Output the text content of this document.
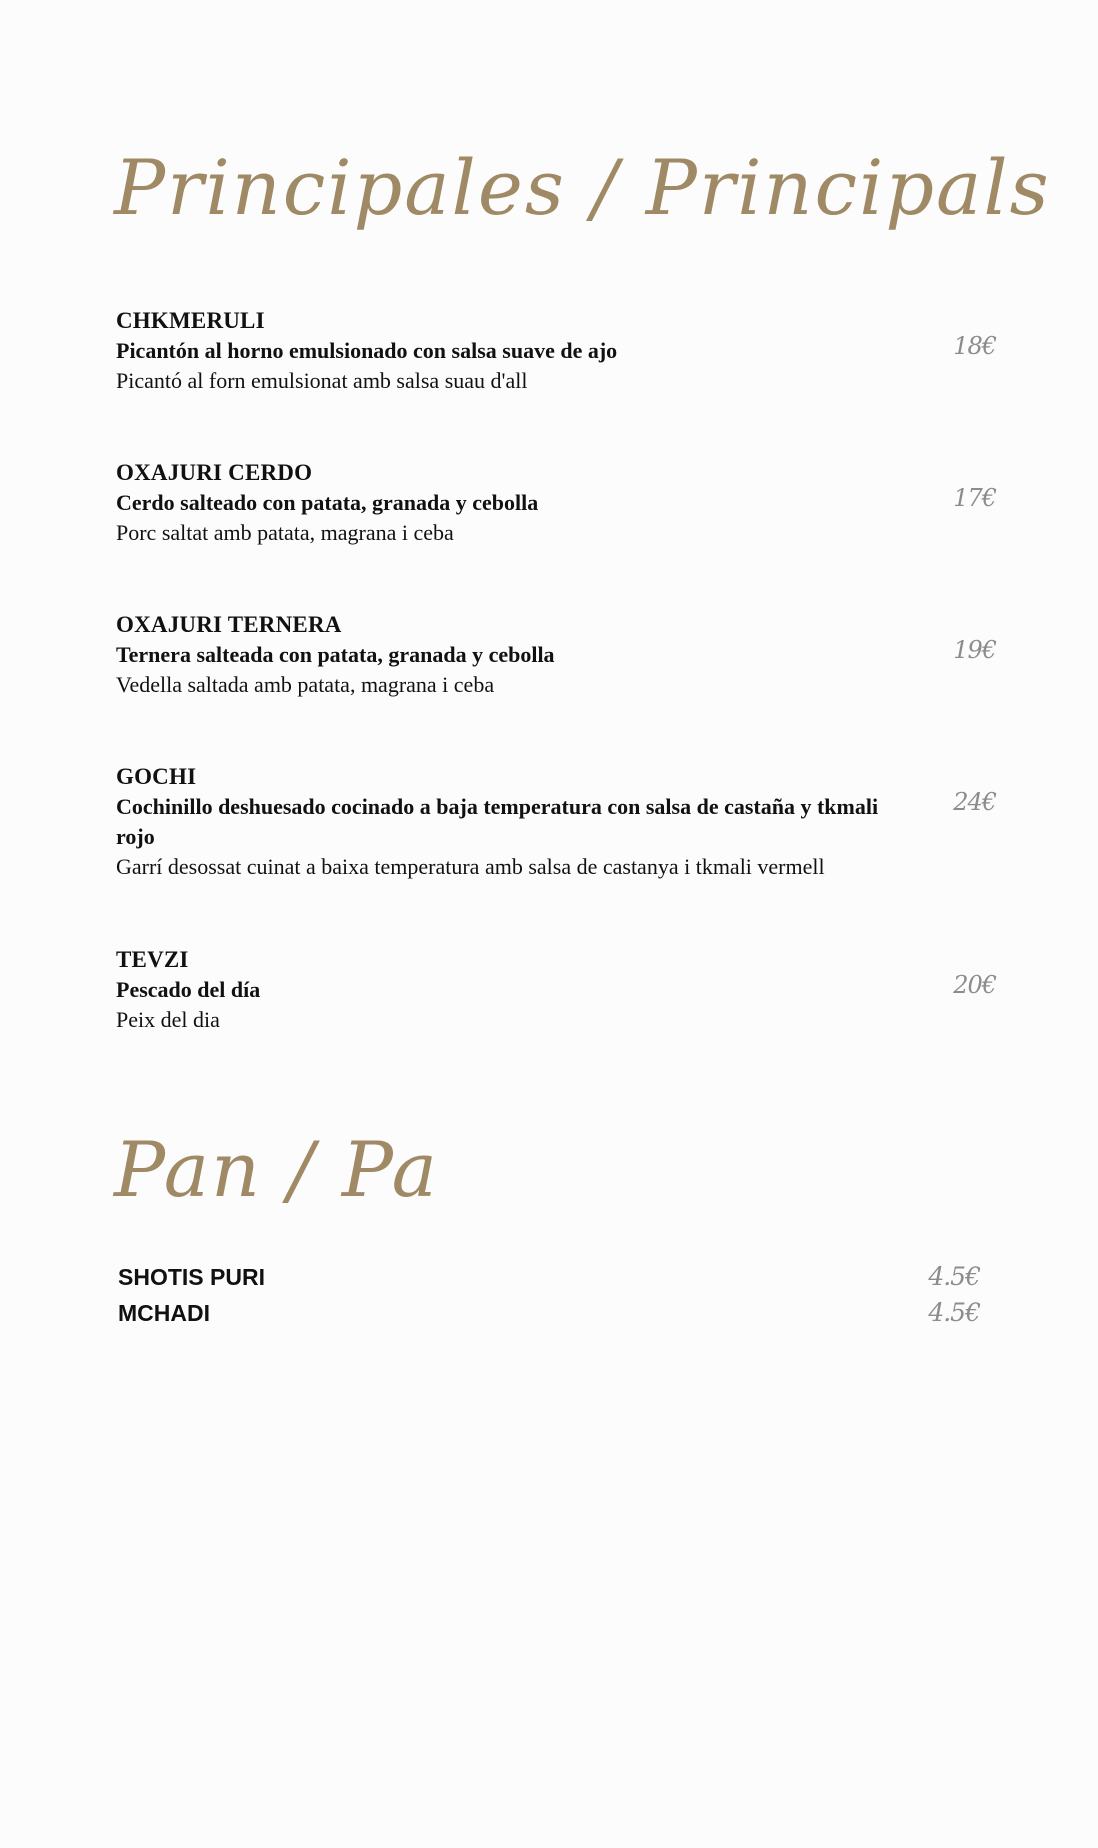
Principales / Principals
CHKMERULI
Picantón al horno emulsionado con salsa suave de ajo
Picantó al forn emulsionat amb salsa suau d'all
18€
OXAJURI CERDO
Cerdo salteado con patata, granada y cebolla
Porc saltat amb patata, magrana i ceba
17€
OXAJURI TERNERA
Ternera salteada con patata, granada y cebolla
Vedella saltada amb patata, magrana i ceba
19€
GOCHI
Cochinillo deshuesado cocinado a baja temperatura con salsa de castaña y tkmali rojo
Garrí desossat cuinat a baixa temperatura amb salsa de castanya i tkmali vermell
24€
TEVZI
Pescado del día
Peix del dia
20€
Pan / Pa
SHOTIS PURI	4.5€
MCHADI	4.5€
